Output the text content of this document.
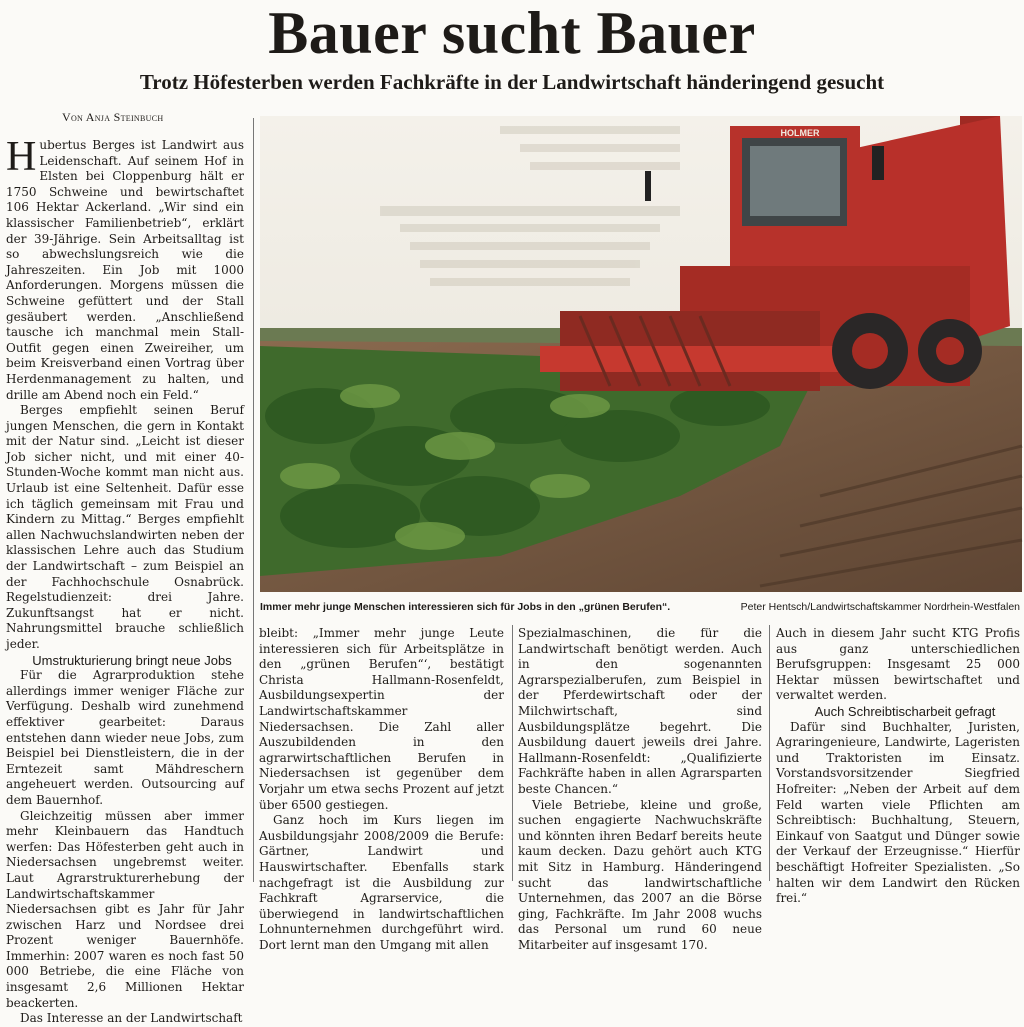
Bauer sucht Bauer
Trotz Höfesterben werden Fachkräfte in der Landwirtschaft händeringend gesucht
Von Anja Steinbuch

Hubertus Berges ist Landwirt aus Leidenschaft. Auf seinem Hof in Elsten bei Cloppenburg hält er 1750 Schweine und bewirtschaftet 106 Hektar Ackerland. „Wir sind ein klassischer Familienbetrieb“, erklärt der 39-Jährige. Sein Arbeitsalltag ist so abwechslungsreich wie die Jahreszeiten. Ein Job mit 1000 Anforderungen. Morgens müssen die Schweine gefüttert und der Stall gesäubert werden. „Anschließend tausche ich manchmal mein Stall-Outfit gegen einen Zweireiher, um beim Kreisverband einen Vortrag über Herdenmanagement zu halten, und drille am Abend noch ein Feld.“

Berges empfiehlt seinen Beruf jungen Menschen, die gern in Kontakt mit der Natur sind. „Leicht ist dieser Job sicher nicht, und mit einer 40-Stunden-Woche kommt man nicht aus. Urlaub ist eine Seltenheit. Dafür esse ich täglich gemeinsam mit Frau und Kindern zu Mittag.“ Berges empfiehlt allen Nachwuchslandwirten neben der klassischen Lehre auch das Studium der Landwirtschaft – zum Beispiel an der Fachhochschule Osnabrück. Regelstudienzeit: drei Jahre. Zukunftsangst hat er nicht. Nahrungsmittel brauche schließlich jeder.

Umstrukturierung bringt neue Jobs

Für die Agrarproduktion stehe allerdings immer weniger Fläche zur Verfügung. Deshalb wird zunehmend effektiver gearbeitet: Daraus entstehen dann wieder neue Jobs, zum Beispiel bei Dienstleistern, die in der Erntezeit samt Mähdreschern angeheuert werden. Outsourcing auf dem Bauernhof.

Gleichzeitig müssen aber immer mehr Kleinbauern das Handtuch werfen: Das Höfesterben geht auch in Niedersachsen ungebremst weiter. Laut Agrarstrukturerhebung der Landwirtschaftskammer Niedersachsen gibt es Jahr für Jahr zwischen Harz und Nordsee drei Prozent weniger Bauernhöfe. Immerhin: 2007 waren es noch fast 50 000 Betriebe, die eine Fläche von insgesamt 2,6 Millionen Hektar beackerten.

Das Interesse an der Landwirtschaft

HOLMER
Immer mehr junge Menschen interessieren sich für Jobs in den „grünen Berufen“.	Peter Hentsch/Landwirtschaftskammer Nordrhein-Westfalen

bleibt: „Immer mehr junge Leute interessieren sich für Arbeitsplätze in den „grünen Berufen“‘, bestätigt Christa Hallmann-Rosenfeldt, Ausbildungsexpertin der Landwirtschaftskammer Niedersachsen. Die Zahl aller Auszubildenden in den agrarwirtschaftlichen Berufen in Niedersachsen ist gegenüber dem Vorjahr um etwa sechs Prozent auf jetzt über 6500 gestiegen.

Ganz hoch im Kurs liegen im Ausbildungsjahr 2008/2009 die Berufe: Gärtner, Landwirt und Hauswirtschafter. Ebenfalls stark nachgefragt ist die Ausbildung zur Fachkraft Agrarservice, die überwiegend in landwirtschaftlichen Lohnunternehmen durchgeführt wird. Dort lernt man den Umgang mit allen

Spezialmaschinen, die für die Landwirtschaft benötigt werden. Auch in den sogenannten Agrarspezialberufen, zum Beispiel in der Pferdewirtschaft oder der Milchwirtschaft, sind Ausbildungsplätze begehrt. Die Ausbildung dauert jeweils drei Jahre. Hallmann-Rosenfeldt: „Qualifizierte Fachkräfte haben in allen Agrarsparten beste Chancen.“

Viele Betriebe, kleine und große, suchen engagierte Nachwuchskräfte und könnten ihren Bedarf bereits heute kaum decken. Dazu gehört auch KTG mit Sitz in Hamburg. Händeringend sucht das landwirtschaftliche Unternehmen, das 2007 an die Börse ging, Fachkräfte. Im Jahr 2008 wuchs das Personal um rund 60 neue Mitarbeiter auf insgesamt 170.

Auch in diesem Jahr sucht KTG Profis aus ganz unterschiedlichen Berufsgruppen: Insgesamt 25 000 Hektar müssen bewirtschaftet und verwaltet werden.

Auch Schreibtischarbeit gefragt

Dafür sind Buchhalter, Juristen, Agraringenieure, Landwirte, Lageristen und Traktoristen im Einsatz. Vorstandsvorsitzender Siegfried Hofreiter: „Neben der Arbeit auf dem Feld warten viele Pflichten am Schreibtisch: Buchhaltung, Steuern, Einkauf von Saatgut und Dünger sowie der Verkauf der Erzeugnisse.“ Hierfür beschäftigt Hofreiter Spezialisten. „So halten wir dem Landwirt den Rücken frei.“
